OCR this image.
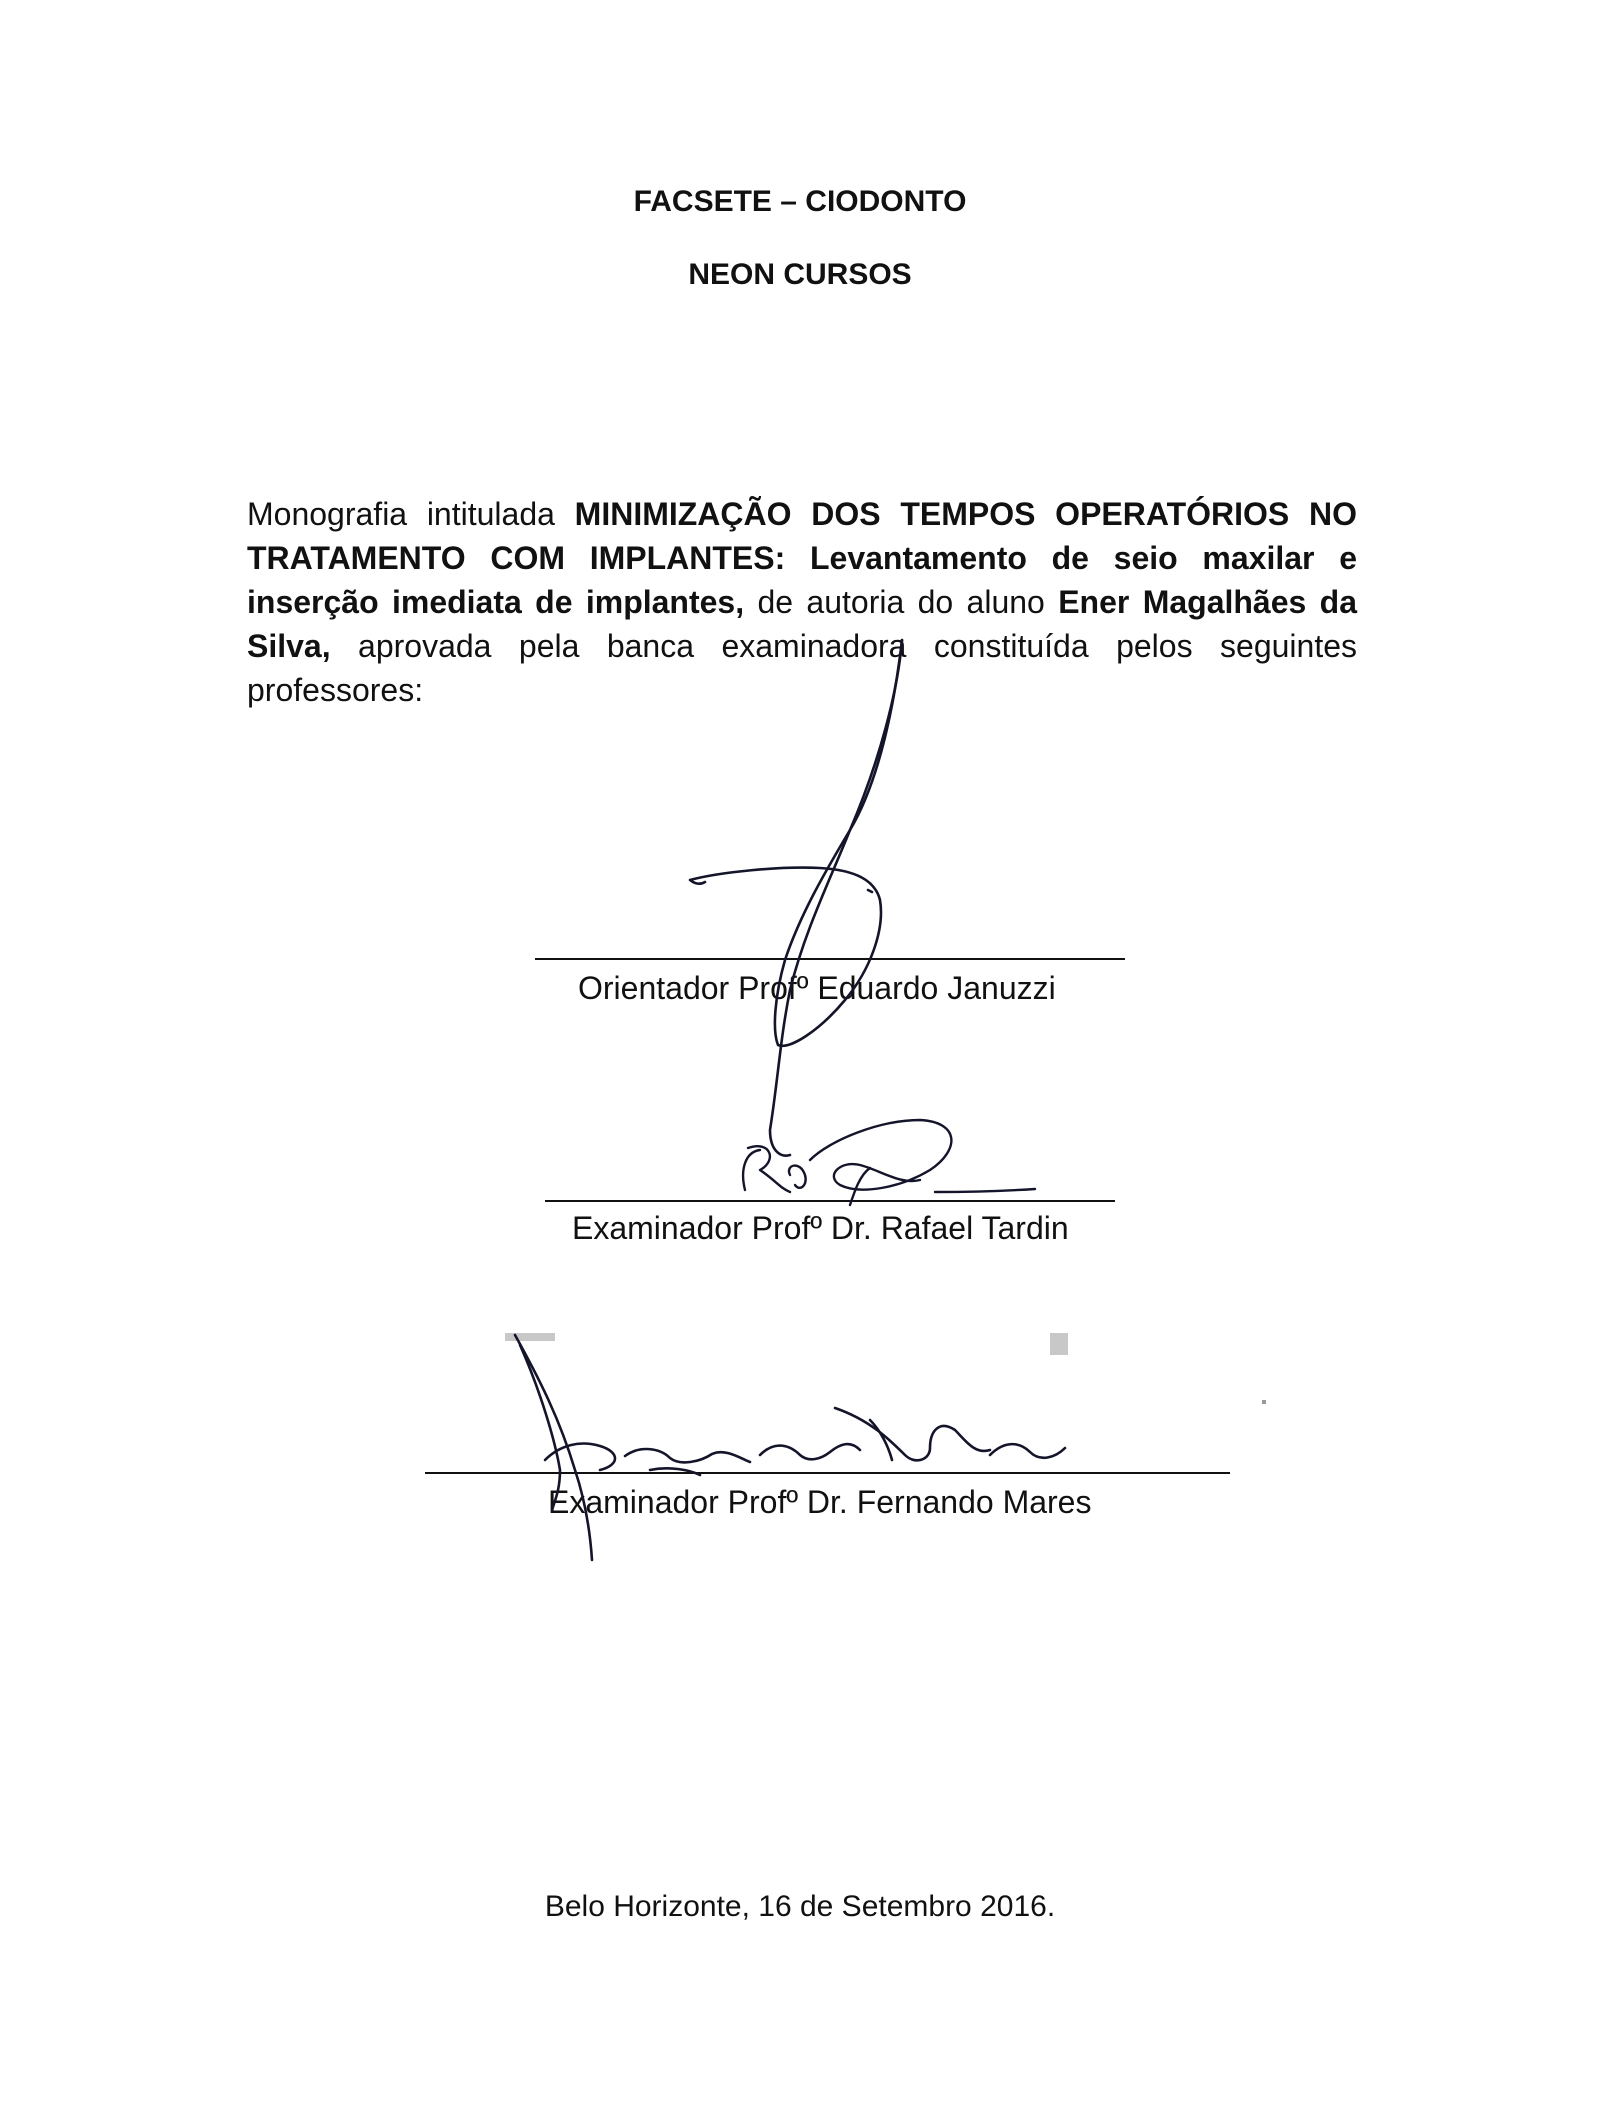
FACSETE – CIODONTO
NEON CURSOS

Monografia intitulada MINIMIZAÇÃO DOS TEMPOS OPERATÓRIOS NO TRATAMENTO COM IMPLANTES: Levantamento de seio maxilar e inserção imediata de implantes, de autoria do aluno Ener Magalhães da Silva, aprovada pela banca examinadora constituída pelos seguintes professores:

Orientador Profº Eduardo Januzzi
Examinador Profº Dr. Rafael Tardin
Examinador Profº Dr. Fernando Mares
Belo Horizonte, 16 de Setembro 2016.
